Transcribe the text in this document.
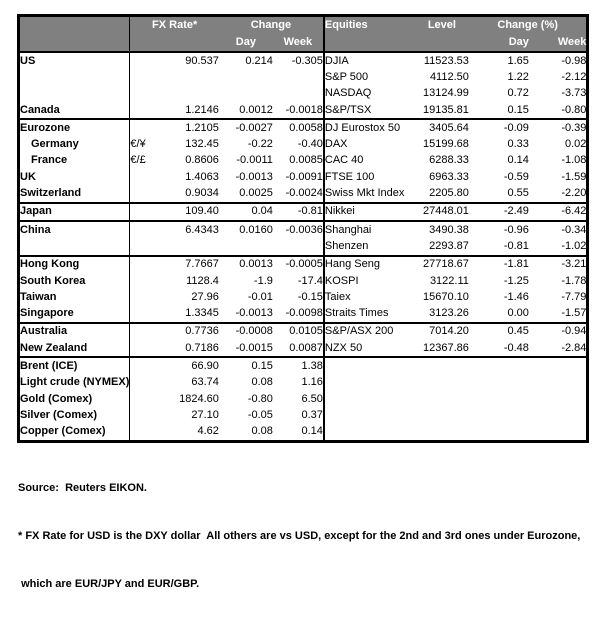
	FX Rate*		Change		Equities	Level	Change (%)	
			Day	Week			Day	Week
US		90.537	0.214	-0.305	DJIA	11523.53	1.65	-0.98
					S&P 500	4112.50	1.22	-2.12
					NASDAQ	13124.99	0.72	-3.73
Canada		1.2146	0.0012	-0.0018	S&P/TSX	19135.81	0.15	-0.80
Eurozone		1.2105	-0.0027	0.0058	DJ Eurostox 50	3405.64	-0.09	-0.39
Germany	€/¥	132.45	-0.22	-0.40	DAX	15199.68	0.33	0.02
France	€/£	0.8606	-0.0011	0.0085	CAC 40	6288.33	0.14	-1.08
UK		1.4063	-0.0013	-0.0091	FTSE 100	6963.33	-0.59	-1.59
Switzerland		0.9034	0.0025	-0.0024	Swiss Mkt Index	2205.80	0.55	-2.20
Japan		109.40	0.04	-0.81	Nikkei	27448.01	-2.49	-6.42
China		6.4343	0.0160	-0.0036	Shanghai	3490.38	-0.96	-0.34
					Shenzen	2293.87	-0.81	-1.02
Hong Kong		7.7667	0.0013	-0.0005	Hang Seng	27718.67	-1.81	-3.21
South Korea		1128.4	-1.9	-17.4	KOSPI	3122.11	-1.25	-1.78
Taiwan		27.96	-0.01	-0.15	Taiex	15670.10	-1.46	-7.79
Singapore		1.3345	-0.0013	-0.0098	Straits Times	3123.26	0.00	-1.57
Australia		0.7736	-0.0008	0.0105	S&P/ASX 200	7014.20	0.45	-0.94
New Zealand		0.7186	-0.0015	0.0087	NZX 50	12367.86	-0.48	-2.84
Brent (ICE)		66.90	0.15	1.38				
Light crude (NYMEX)		63.74	0.08	1.16				
Gold (Comex)		1824.60	-0.80	6.50				
Silver (Comex)		27.10	-0.05	0.37				
Copper (Comex)		4.62	0.08	0.14				

Source:  Reuters EIKON.

* FX Rate for USD is the DXY dollar  All others are vs USD, except for the 2nd and 3rd ones under Eurozone,

which are EUR/JPY and EUR/GBP.
